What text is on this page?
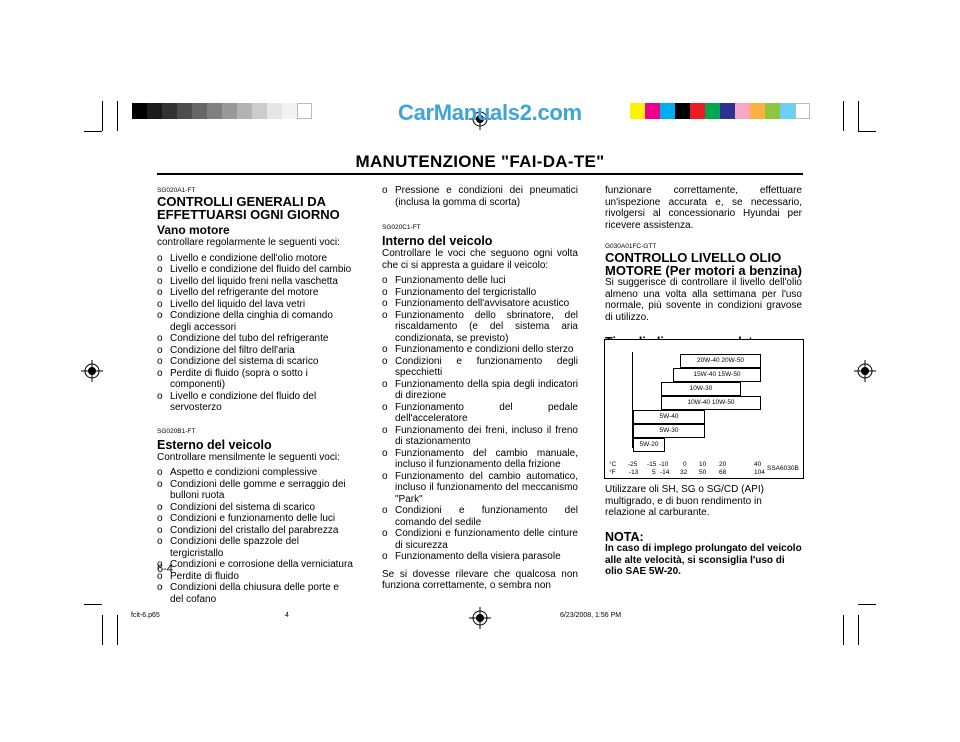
CarManuals2.com
MANUTENZIONE "FAI-DA-TE"

SG020A1-FT

CONTROLLI GENERALI DA EFFETTUARSI OGNI GIORNO

Vano motore

controllare regolarmente le seguenti voci:

o Livello e condizione dell'olio motore
o Livello e condizione del fluido del cambio
o Livello del liquido freni nella vaschetta
o Livello del refrigerante del motore
o Livello del liquido del lava vetri
o Condizione della cinghia di comando degli accessori
o Condizione del tubo del refrigerante
o Condizione del filtro dell'aria
o Condizione del sistema di scarico
o Perdite di fluido (sopra o sotto i componenti)
o Livello e condizione del fluido del servosterzo

SG020B1-FT

Esterno del veicolo

Controllare mensilmente le seguenti voci:

o Aspetto e condizioni complessive
o Condizioni delle gomme e serraggio dei bulloni ruota
o Condizioni del sistema di scarico
o Condizioni e funzionamento delle luci
o Condizioni del cristallo del parabrezza
o Condizioni delle spazzole del tergicristallo
o Condizioni e corrosione della verniciatura
o Perdite di fluido
o Condizioni della chiusura delle porte e del cofano
o Pressione e condizioni dei pneumatici (inclusa la gomma di scorta)

SG020C1-FT

Interno del veicolo

Controllare le voci che seguono ogni volta che ci si appresta a guidare il veicolo:

o Funzionamento delle luci
o Funzionamento del tergicristallo
o Funzionamento dell'avvisatore acustico
o Funzionamento dello sbrinatore, del riscaldamento (e del sistema aria condizionata, se previsto)
o Funzionamento e condizioni dello sterzo
o Condizioni e funzionamento degli specchietti
o Funzionamento della spia degli indicatori di direzione
o Funzionamento del pedale dell'acceleratore
o Funzionamento dei freni, incluso il freno di stazionamento
o Funzionamento del cambio manuale, incluso il funzionamento della frizione
o Funzionamento del cambio automatico, incluso il funzionamento del meccanismo "Park"
o Condizioni e funzionamento del comando del sedile
o Condizioni e funzionamento delle cinture di sicurezza
o Funzionamento della visiera parasole

Se si dovesse rilevare che qualcosa non funziona correttamente, o sembra non

funzionare correttamente, effettuare un'ispezione accurata e, se necessario, rivolgersi al concessionario Hyundai per ricevere assistenza.

G030A01FC-GTT

CONTROLLO LIVELLO OLIO MOTORE (Per motori a benzina)

Si suggerisce di controllare il livello dell'olio almeno una volta alla settimana per l'uso normale, più sovente in condizioni gravose di utilizzo.

20W-40 20W-50
15W-40 15W-50
10W-30
10W-40 10W-50
5W-40
5W-30
5W-20
°C
°F
-25 -15 -10 0 10 20	40
-13 5 -14 32 50 68	104
SSA6030B

Utilizzare oli SH, SG o SG/CD (API) multigrado, e di buon rendimento in relazione al carburante.

NOTA:

In caso di implego prolungato del veicolo alle alte velocità, si sconsiglia l'uso di olio SAE 5W-20.

6-4
fcit-6.p65	4	6/23/2008, 1:56 PM
